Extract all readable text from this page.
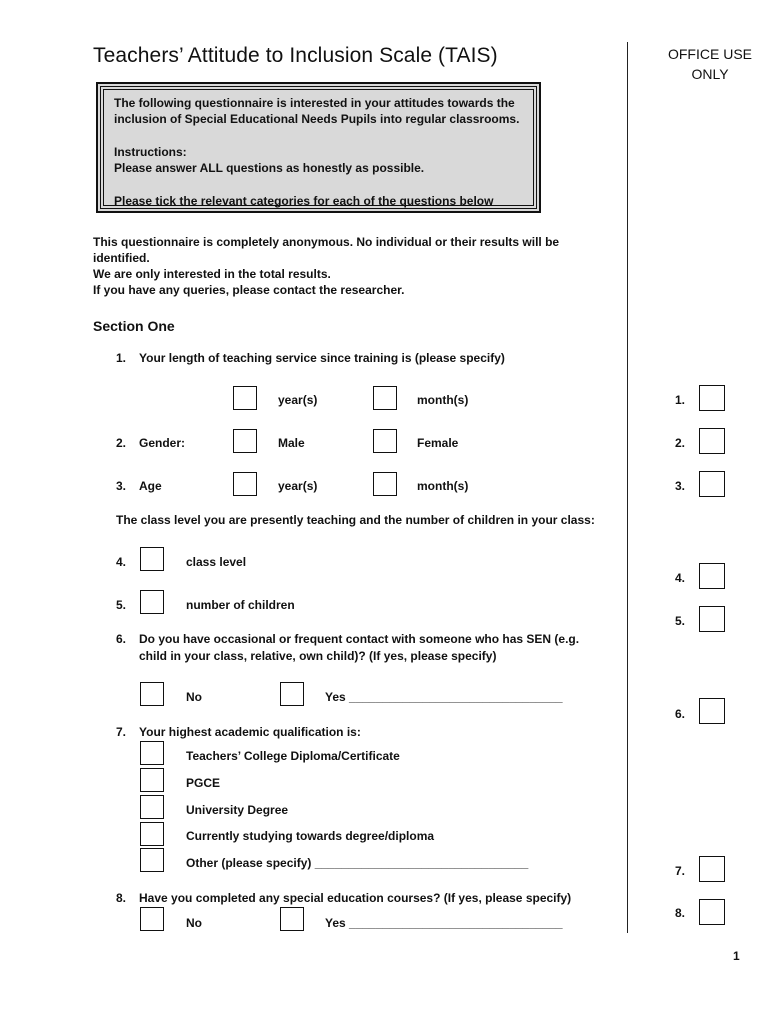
Teachers’ Attitude to Inclusion Scale (TAIS)	OFFICE USE
ONLY
The following questionnaire is interested in your attitudes towards the
inclusion of Special Educational Needs Pupils into regular classrooms.
Instructions:
Please answer ALL questions as honestly as possible.
Please tick the relevant categories for each of the questions below
This questionnaire is completely anonymous. No individual or their results will be
identified.
We are only interested in the total results.
If you have any queries, please contact the researcher.
Section One
1. Your length of teaching service since training is (please specify)
year(s)	month(s)
2. Gender:	Male	Female
3. Age	year(s)	month(s)
The class level you are presently teaching and the number of children in your class:
4.	class level
5.	number of children
6. Do you have occasional or frequent contact with someone who has SEN (e.g.
child in your class, relative, own child)? (If yes, please specify)
No	Yes ________________________________
7. Your highest academic qualification is:
Teachers’ College Diploma/Certificate
PGCE
University Degree
Currently studying towards degree/diploma
Other (please specify) ________________________________
8. Have you completed any special education courses? (If yes, please specify)
No	Yes ________________________________
1.
2.
3.
4.
5.
6.
7.
8.
1
